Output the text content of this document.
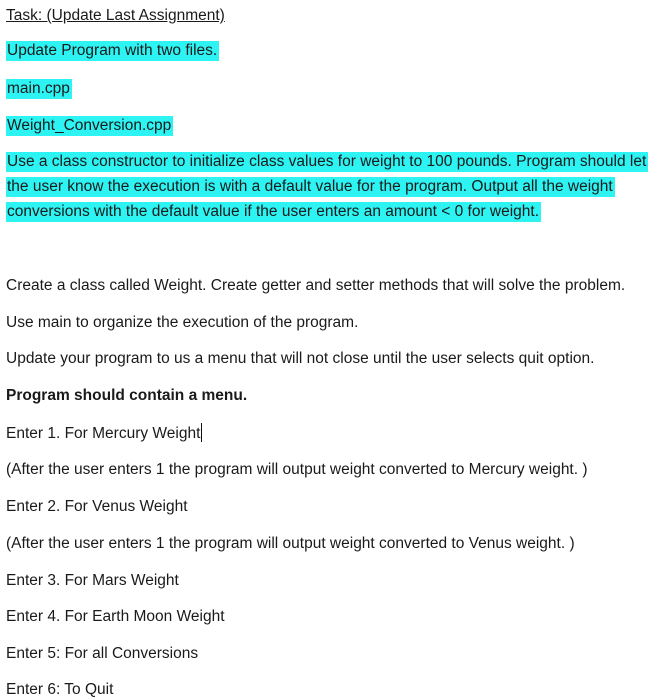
Task: (Update Last Assignment)
Update Program with two files.
main.cpp
Weight_Conversion.cpp
Use a class constructor to initialize class values for weight to 100 pounds. Program should let
the user know the execution is with a default value for the program. Output all the weight
conversions with the default value if the user enters an amount < 0 for weight.
Create a class called Weight. Create getter and setter methods that will solve the problem.
Use main to organize the execution of the program.
Update your program to us a menu that will not close until the user selects quit option.
Program should contain a menu.
Enter 1. For Mercury Weight
(After the user enters 1 the program will output weight converted to Mercury weight. )
Enter 2. For Venus Weight
(After the user enters 1 the program will output weight converted to Venus weight. )
Enter 3. For Mars Weight
Enter 4. For Earth Moon Weight
Enter 5: For all Conversions
Enter 6: To Quit
